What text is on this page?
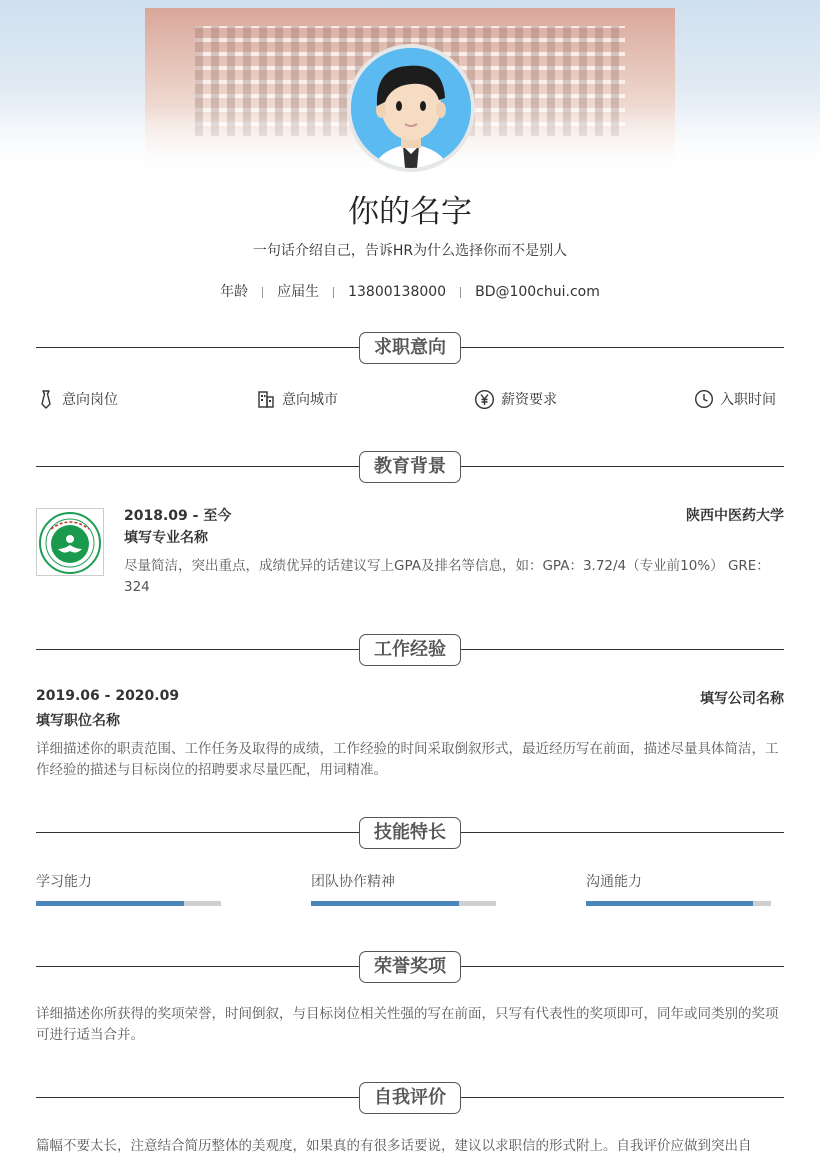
你的名字
一句话介绍自己，告诉HR为什么选择你而不是别人
年龄 应届生 13800138000 BD@100chui.com
求职意向
意向岗位	意向城市	薪资要求	入职时间
教育背景
2018.09 - 至今
填写专业名称
陕西中医药大学
尽量简洁，突出重点，成绩优异的话建议写上GPA及排名等信息，如：GPA：3.72/4（专业前10%） GRE：324
工作经验
2019.06 - 2020.09
填写职位名称
填写公司名称
详细描述你的职责范围、工作任务及取得的成绩，工作经验的时间采取倒叙形式，最近经历写在前面，描述尽量具体简洁，工作经验的描述与目标岗位的招聘要求尽量匹配，用词精准。
技能特长
学习能力	团队协作精神	沟通能力
荣誉奖项
详细描述你所获得的奖项荣誉，时间倒叙，与目标岗位相关性强的写在前面，只写有代表性的奖项即可，同年或同类别的奖项可进行适当合并。
自我评价
篇幅不要太长，注意结合简历整体的美观度，如果真的有很多话要说，建议以求职信的形式附上。自我评价应做到突出自
